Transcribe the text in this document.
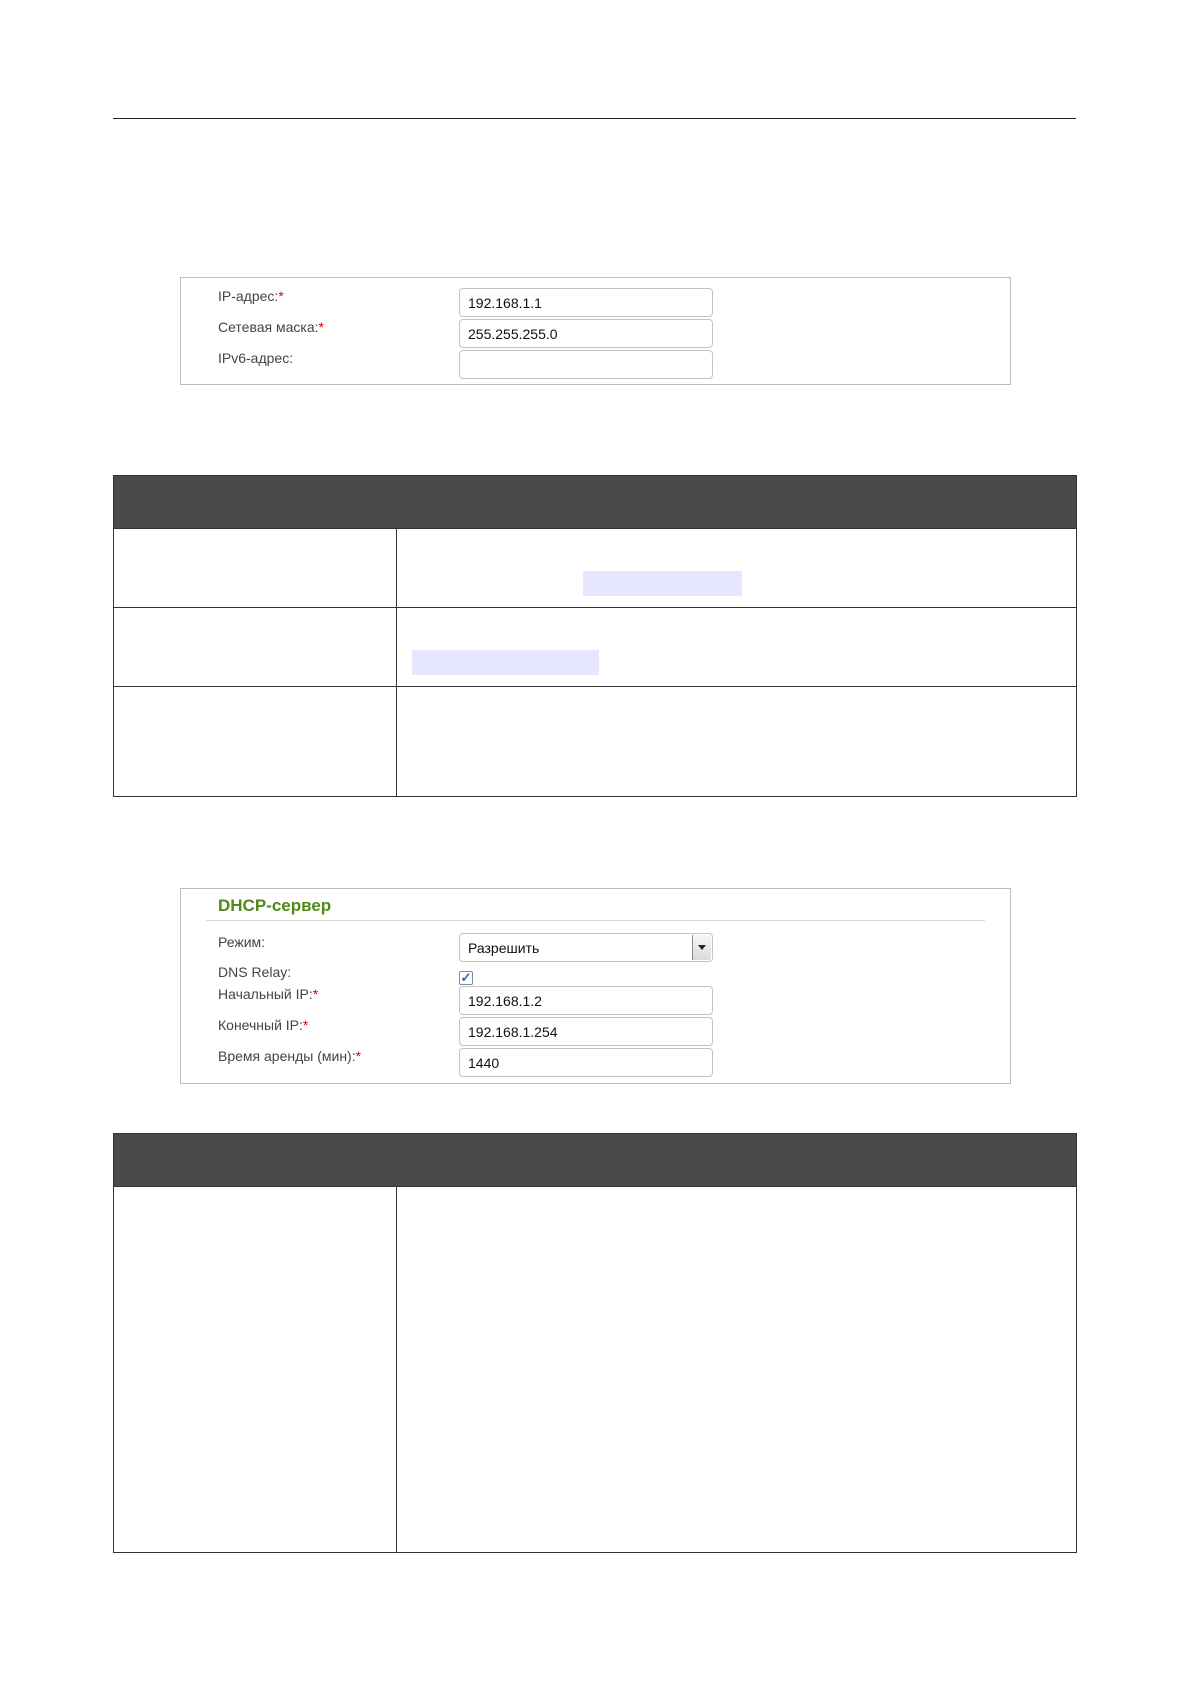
IP-адрес:*	192.168.1.1
Сетевая маска:*	255.255.255.0
IPv6-адрес:
DHCP-сервер
Режим:	Разрешить
DNS Relay:	✓
Начальный IP:*	192.168.1.2
Конечный IP:*	192.168.1.254
Время аренды (мин):*	1440
